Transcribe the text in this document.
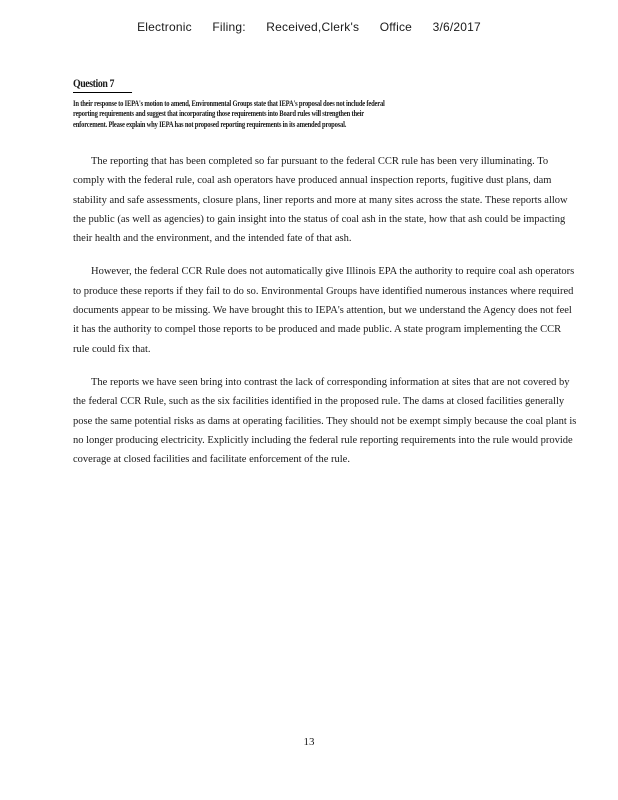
Electronic Filing: Received,Clerk's Office 3/6/2017
Question 7
In their response to IEPA's motion to amend, Environmental Groups state that IEPA's proposal does not include federal reporting requirements and suggest that incorporating those requirements into Board rules will strengthen their enforcement. Please explain why IEPA has not proposed reporting requirements in its amended proposal.

The reporting that has been completed so far pursuant to the federal CCR rule has been very illuminating. To comply with the federal rule, coal ash operators have produced annual inspection reports, fugitive dust plans, dam stability and safe assessments, closure plans, liner reports and more at many sites across the state. These reports allow the public (as well as agencies) to gain insight into the status of coal ash in the state, how that ash could be impacting their health and the environment, and the intended fate of that ash.

However, the federal CCR Rule does not automatically give Illinois EPA the authority to require coal ash operators to produce these reports if they fail to do so. Environmental Groups have identified numerous instances where required documents appear to be missing. We have brought this to IEPA's attention, but we understand the Agency does not feel it has the authority to compel those reports to be produced and made public. A state program implementing the CCR rule could fix that.

The reports we have seen bring into contrast the lack of corresponding information at sites that are not covered by the federal CCR Rule, such as the six facilities identified in the proposed rule. The dams at closed facilities generally pose the same potential risks as dams at operating facilities. They should not be exempt simply because the coal plant is no longer producing electricity. Explicitly including the federal rule reporting requirements into the rule would provide coverage at closed facilities and facilitate enforcement of the rule.

13
